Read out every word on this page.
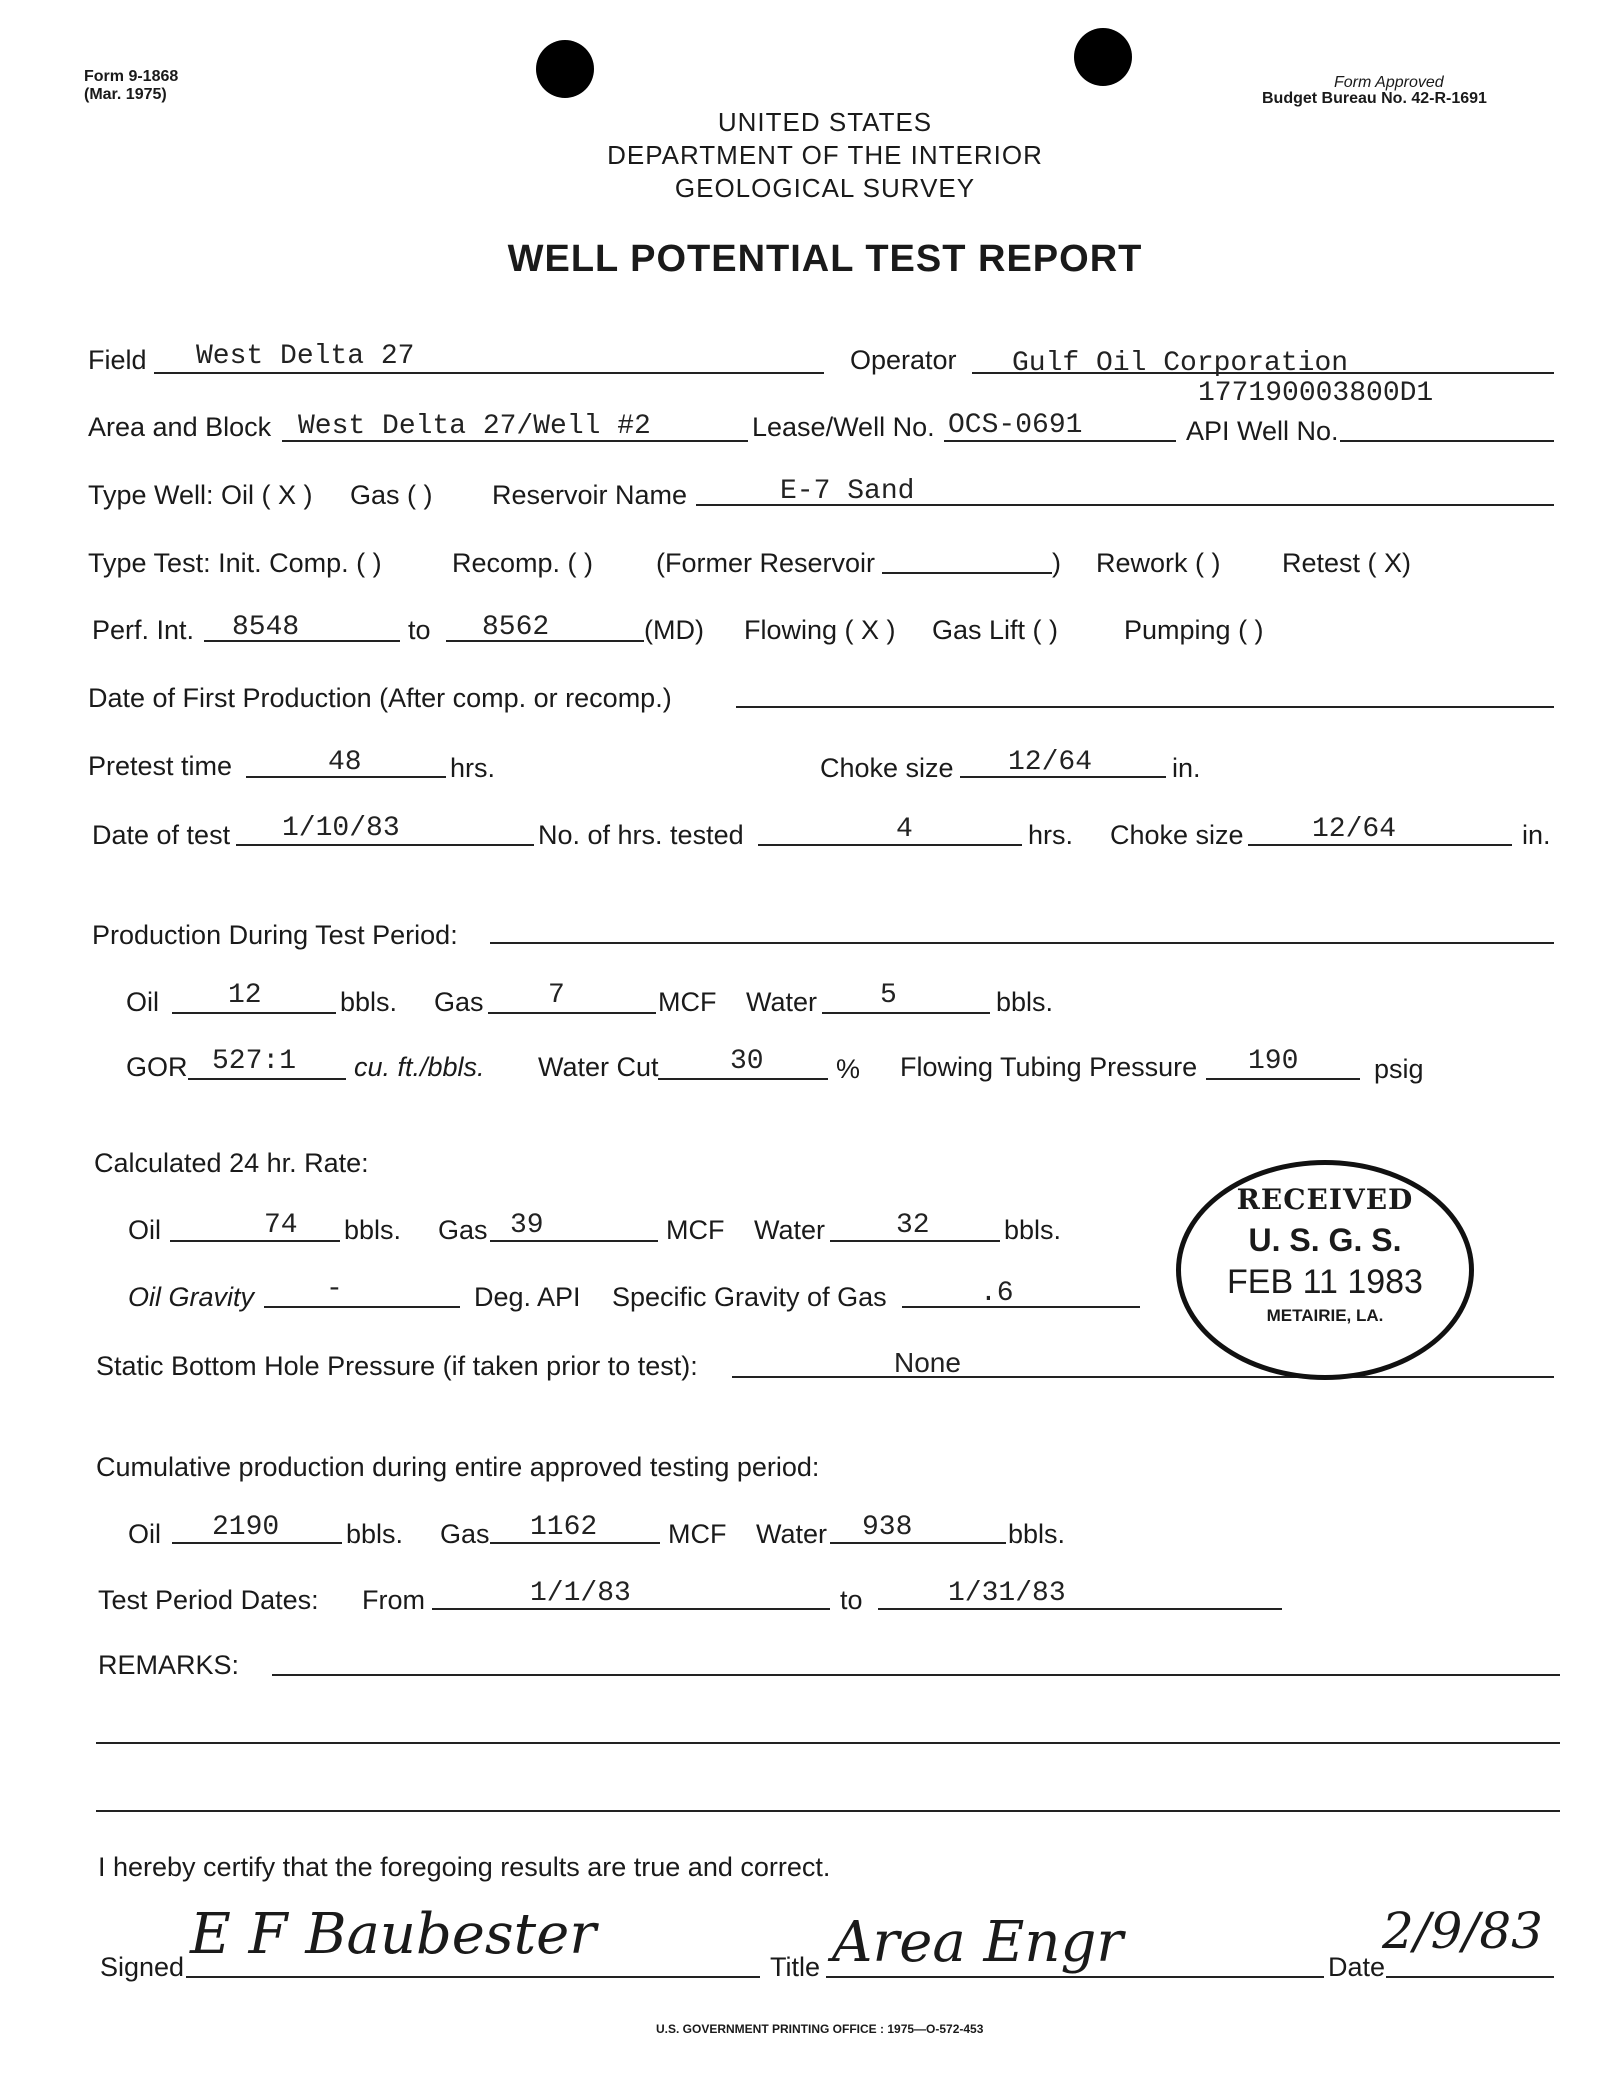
Form 9-1868
(Mar. 1975)
Form Approved
Budget Bureau No. 42-R-1691
UNITED STATES
DEPARTMENT OF THE INTERIOR
GEOLOGICAL SURVEY
WELL POTENTIAL TEST REPORT
Field West Delta 27	Operator Gulf Oil Corporation
177190003800D1
Area and Block West Delta 27/Well #2	Lease/Well No. OCS-0691	API Well No.
Type Well: Oil ( X ) Gas ( ) Reservoir Name	E-7 Sand
Type Test: Init. Comp. ( )	Recomp. ( ) (Former Reservoir	) Rework ( ) Retest ( X)
Perf. Int. 8548	to 8562	(MD) Flowing ( X ) Gas Lift ( ) Pumping ( )
Date of First Production (After comp. or recomp.)
Pretest time	48	hrs.	Choke size 12/64	in.
Date of test 1/10/83	No. of hrs. tested	4	hrs. Choke size 12/64	in.
Production During Test Period:
Oil 12	bbls. Gas 7	MCF Water 5	bbls.
GOR 527:1 cu. ft./bbls. Water Cut	30	% Flowing Tubing Pressure 190	psig
Calculated 24 hr. Rate:
Oil	74 bbls. Gas 39	MCF Water	32	bbls.
Oil Gravity	-	Deg. API Specific Gravity of Gas	.6
Static Bottom Hole Pressure (if taken prior to test):	None
RECEIVED
U. S. G. S.
FEB 11 1983
METAIRIE, LA.
Cumulative production during entire approved testing period:
Oil 2190 bbls. Gas 1162	MCF Water 938	bbls.
Test Period Dates: From	1/1/83	to	1/31/83
REMARKS:
I hereby certify that the foregoing results are true and correct.
Signed E F Baubester	Title Area Engr	Date
2/9/83
U.S. GOVERNMENT PRINTING OFFICE : 1975—O-572-453
